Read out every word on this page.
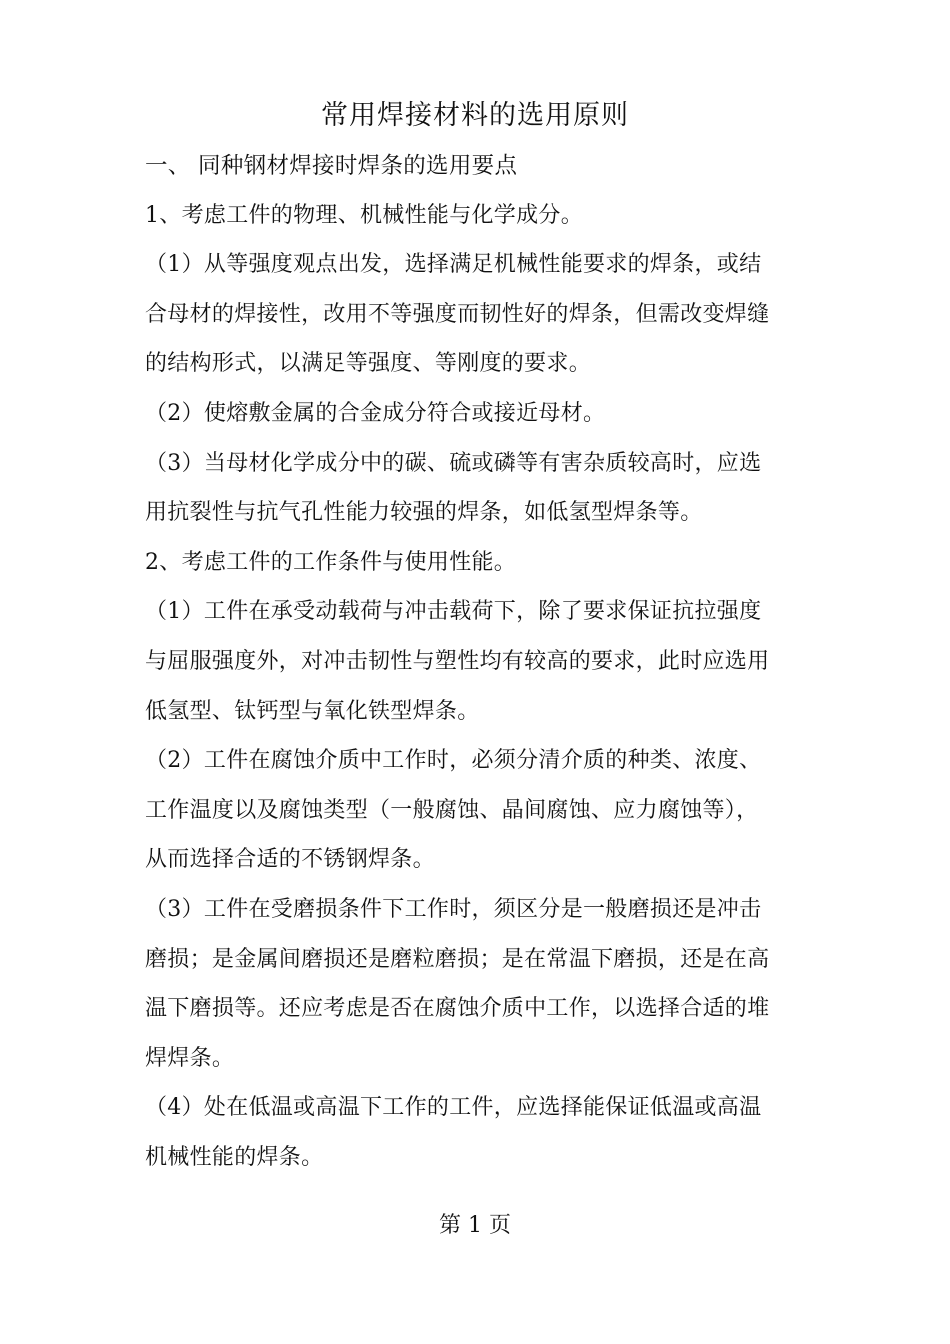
常用焊接材料的选用原则
一、 同种钢材焊接时焊条的选用要点
1、考虑工件的物理、机械性能与化学成分。
（1）从等强度观点出发，选择满足机械性能要求的焊条，或结
合母材的焊接性，改用不等强度而韧性好的焊条，但需改变焊缝
的结构形式，以满足等强度、等刚度的要求。
（2）使熔敷金属的合金成分符合或接近母材。
（3）当母材化学成分中的碳、硫或磷等有害杂质较高时，应选
用抗裂性与抗气孔性能力较强的焊条，如低氢型焊条等。
2、考虑工件的工作条件与使用性能。
（1）工件在承受动载荷与冲击载荷下，除了要求保证抗拉强度
与屈服强度外，对冲击韧性与塑性均有较高的要求，此时应选用
低氢型、钛钙型与氧化铁型焊条。
（2）工件在腐蚀介质中工作时，必须分清介质的种类、浓度、
工作温度以及腐蚀类型（一般腐蚀、晶间腐蚀、应力腐蚀等），
从而选择合适的不锈钢焊条。
（3）工件在受磨损条件下工作时，须区分是一般磨损还是冲击
磨损；是金属间磨损还是磨粒磨损；是在常温下磨损，还是在高
温下磨损等。还应考虑是否在腐蚀介质中工作，以选择合适的堆
焊焊条。
（4）处在低温或高温下工作的工件，应选择能保证低温或高温
机械性能的焊条。
第 1 页
